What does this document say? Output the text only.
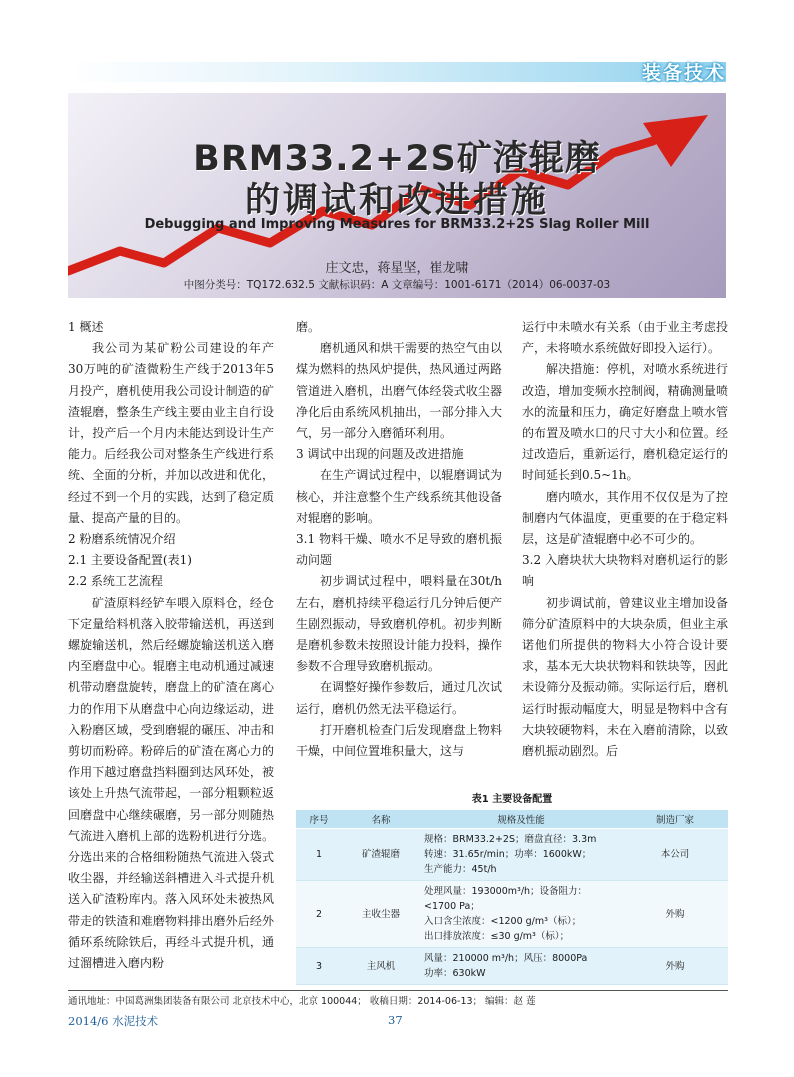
装备技术
BRM33.2+2S矿渣辊磨
的调试和改进措施
Debugging and Improving Measures for BRM33.2+2S Slag Roller Mill
庄文忠，蒋星坚，崔龙啸
中图分类号：TQ172.632.5 文献标识码：A 文章编号：1001-6171（2014）06-0037-03
1 概述

我公司为某矿粉公司建设的年产30万吨的矿渣微粉生产线于2013年5月投产，磨机使用我公司设计制造的矿渣辊磨，整条生产线主要由业主自行设计，投产后一个月内未能达到设计生产能力。后经我公司对整条生产线进行系统、全面的分析，并加以改进和优化，经过不到一个月的实践，达到了稳定质量、提高产量的目的。

2 粉磨系统情况介绍
2.1 主要设备配置(表1)
2.2 系统工艺流程

矿渣原料经铲车喂入原料仓，经仓下定量给料机落入胶带输送机，再送到螺旋输送机，然后经螺旋输送机送入磨内至磨盘中心。辊磨主电动机通过减速机带动磨盘旋转，磨盘上的矿渣在离心力的作用下从磨盘中心向边缘运动，进入粉磨区域，受到磨辊的碾压、冲击和剪切而粉碎。粉碎后的矿渣在离心力的作用下越过磨盘挡料圈到达风环处，被该处上升热气流带起，一部分粗颗粒返回磨盘中心继续碾磨，另一部分则随热气流进入磨机上部的选粉机进行分选。分选出来的合格细粉随热气流进入袋式收尘器，并经输送斜槽进入斗式提升机送入矿渣粉库内。落入风环处未被热风带走的铁渣和难磨物料排出磨外后经外循环系统除铁后，再经斗式提升机，通过溜槽进入磨内粉

磨。

磨机通风和烘干需要的热空气由以煤为燃料的热风炉提供，热风通过两路管道进入磨机，出磨气体经袋式收尘器净化后由系统风机抽出，一部分排入大气，另一部分入磨循环利用。

3 调试中出现的问题及改进措施

在生产调试过程中，以辊磨调试为核心，并注意整个生产线系统其他设备对辊磨的影响。

3.1 物料干燥、喷水不足导致的磨机振动问题

初步调试过程中，喂料量在30t/h左右，磨机持续平稳运行几分钟后便产生剧烈振动，导致磨机停机。初步判断是磨机参数未按照设计能力投料，操作参数不合理导致磨机振动。

在调整好操作参数后，通过几次试运行，磨机仍然无法平稳运行。

打开磨机检查门后发现磨盘上物料干燥，中间位置堆积量大，这与

运行中未喷水有关系（由于业主考虑投产，未将喷水系统做好即投入运行）。

解决措施：停机，对喷水系统进行改造，增加变频水控制阀，精确测量喷水的流量和压力，确定好磨盘上喷水管的布置及喷水口的尺寸大小和位置。经过改造后，重新运行，磨机稳定运行的时间延长到0.5~1h。

磨内喷水，其作用不仅仅是为了控制磨内气体温度，更重要的在于稳定料层，这是矿渣辊磨中必不可少的。

3.2 入磨块状大块物料对磨机运行的影响

初步调试前，曾建议业主增加设备筛分矿渣原料中的大块杂质，但业主承诺他们所提供的物料大小符合设计要求，基本无大块状物料和铁块等，因此未设筛分及振动筛。实际运行后，磨机运行时振动幅度大，明显是物料中含有大块较硬物料，未在入磨前清除，以致磨机振动剧烈。后

表1 主要设备配置
序号	名称	规格及性能	制造厂家
1	矿渣辊磨	规格：BRM33.2+2S；磨盘直径：3.3m
转速：31.65r/min；功率：1600kW；
生产能力：45t/h	本公司
2	主收尘器	处理风量：193000m³/h；设备阻力：<1700 Pa；
入口含尘浓度：<1200 g/m³（标）；
出口排放浓度：≤30 g/m³（标）；	外购
3	主风机	风量：210000 m³/h；风压：8000Pa
功率：630kW	外购
通讯地址：中国葛洲集团装备有限公司 北京技术中心，北京 100044； 收稿日期：2014-06-13； 编辑：赵 莲
2014/6 水泥技术	37
